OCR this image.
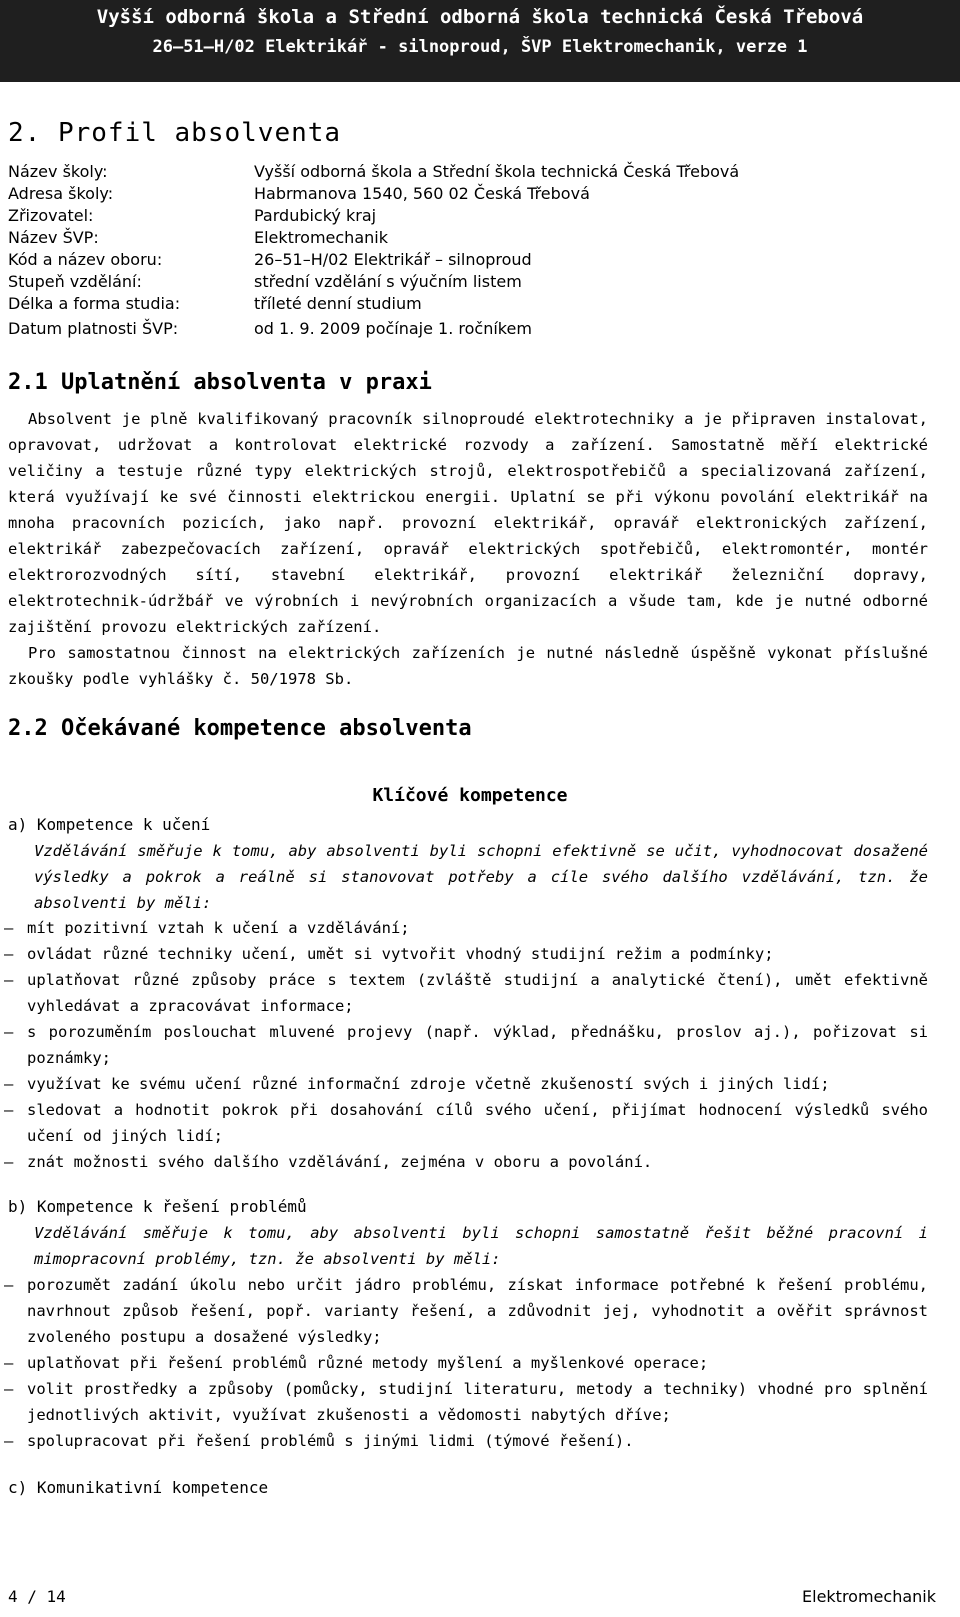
Vyšší odborná škola a Střední odborná škola technická Česká Třebová
26–51–H/02 Elektrikář - silnoproud, ŠVP Elektromechanik, verze 1
2. Profil absolventa
Název školy:	Vyšší odborná škola a Střední škola technická Česká Třebová
Adresa školy:	Habrmanova 1540, 560 02 Česká Třebová
Zřizovatel:	Pardubický kraj
Název ŠVP:	Elektromechanik
Kód a název oboru:	26–51–H/02 Elektrikář – silnoproud
Stupeň vzdělání:	střední vzdělání s výučním listem
Délka a forma studia:	tříleté denní studium
Datum platnosti ŠVP:	od 1. 9. 2009 počínaje 1. ročníkem
2.1 Uplatnění absolventa v praxi
Absolvent je plně kvalifikovaný pracovník silnoproudé elektrotechniky a je připraven instalovat, opravovat, udržovat a kontrolovat elektrické rozvody a zařízení. Samostatně měří elektrické veličiny a testuje různé typy elektrických strojů, elektrospotřebičů a specializovaná zařízení, která využívají ke své činnosti elektrickou energii. Uplatní se při výkonu povolání elektrikář na mnoha pracovních pozicích, jako např. provozní elektrikář, opravář elektronických zařízení, elektrikář zabezpečovacích zařízení, opravář elektrických spotřebičů, elektromontér, montér elektrorozvodných sítí, stavební elektrikář, provozní elektrikář železniční dopravy, elektrotechnik-údržbář ve výrobních i nevýrobních organizacích a všude tam, kde je nutné odborné zajištění provozu elektrických zařízení.
Pro samostatnou činnost na elektrických zařízeních je nutné následně úspěšně vykonat příslušné zkoušky podle vyhlášky č. 50/1978 Sb.
2.2 Očekávané kompetence absolventa
Klíčové kompetence
a) Kompetence k učení
Vzdělávání směřuje k tomu, aby absolventi byli schopni efektivně se učit, vyhodnocovat dosažené výsledky a pokrok a reálně si stanovovat potřeby a cíle svého dalšího vzdělávání, tzn. že absolventi by měli:
– mít pozitivní vztah k učení a vzdělávání;
– ovládat různé techniky učení, umět si vytvořit vhodný studijní režim a podmínky;
– uplatňovat různé způsoby práce s textem (zvláště studijní a analytické čtení), umět efektivně vyhledávat a zpracovávat informace;
– s porozuměním poslouchat mluvené projevy (např. výklad, přednášku, proslov aj.), pořizovat si poznámky;
– využívat ke svému učení různé informační zdroje včetně zkušeností svých i jiných lidí;
– sledovat a hodnotit pokrok při dosahování cílů svého učení, přijímat hodnocení výsledků svého učení od jiných lidí;
– znát možnosti svého dalšího vzdělávání, zejména v oboru a povolání.
b) Kompetence k řešení problémů
Vzdělávání směřuje k tomu, aby absolventi byli schopni samostatně řešit běžné pracovní i mimopracovní problémy, tzn. že absolventi by měli:
– porozumět zadání úkolu nebo určit jádro problému, získat informace potřebné k řešení problému, navrhnout způsob řešení, popř. varianty řešení, a zdůvodnit jej, vyhodnotit a ověřit správnost zvoleného postupu a dosažené výsledky;
– uplatňovat při řešení problémů různé metody myšlení a myšlenkové operace;
– volit prostředky a způsoby (pomůcky, studijní literaturu, metody a techniky) vhodné pro splnění jednotlivých aktivit, využívat zkušenosti a vědomosti nabytých dříve;
– spolupracovat při řešení problémů s jinými lidmi (týmové řešení).
c) Komunikativní kompetence
4 / 14	Elektromechanik
